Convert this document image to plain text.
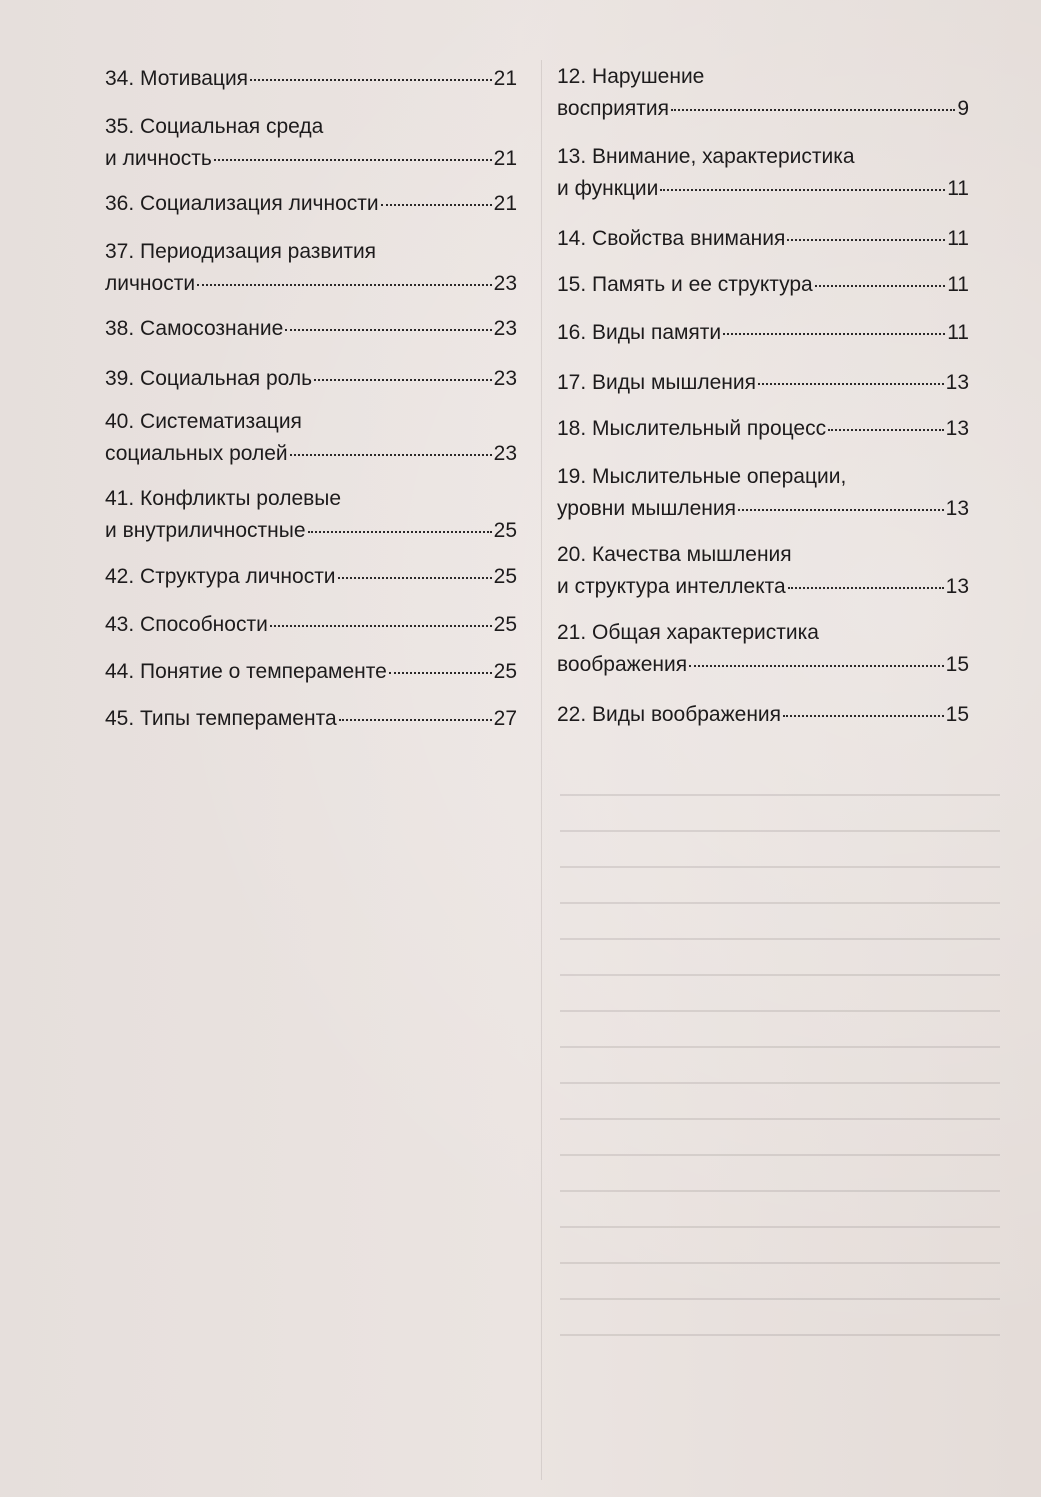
34. Мотивация	21
35. Социальная среда
и личность	21
36. Социализация личности	21
37. Периодизация развития
личности	23
38. Самосознание	23
39. Социальная роль	23
40. Систематизация
социальных ролей	23
41. Конфликты ролевые
и внутриличностные	25
42. Структура личности	25
43. Способности	25
44. Понятие о темпераменте	25
45. Типы темперамента	27
12. Нарушение
восприятия	9
13. Внимание, характеристика
и функции	11
14. Свойства внимания	11
15. Память и ее структура	11
16. Виды памяти	11
17. Виды мышления	13
18. Мыслительный процесс	13
19. Мыслительные операции,
уровни мышления	13
20. Качества мышления
и структура интеллекта	13
21. Общая характеристика
воображения	15
22. Виды воображения	15
